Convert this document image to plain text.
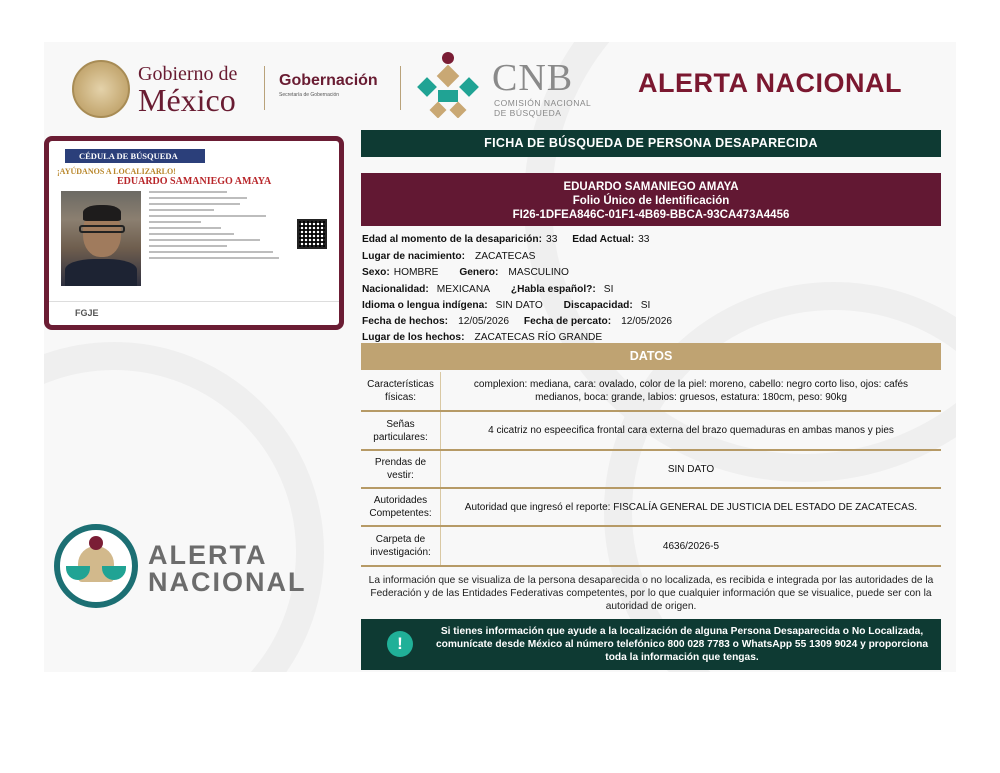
Gobierno de
México
Gobernación
Secretaría de Gobernación	CNB
COMISIÓN NACIONAL
DE BÚSQUEDA
ALERTA NACIONAL
CÉDULA DE BÚSQUEDA
¡AYÚDANOS A LOCALIZARLO!
EDUARDO SAMANIEGO AMAYA
FGJE
FICHA DE BÚSQUEDA DE PERSONA DESAPARECIDA
EDUARDO SAMANIEGO AMAYA
Folio Único de Identificación
FI26-1DFEA846C-01F1-4B69-BBCA-93CA473A4456
Edad al momento de la desaparición: 33 Edad Actual: 33
Lugar de nacimiento: ZACATECAS
Sexo: HOMBRE Genero: MASCULINO
Nacionalidad: MEXICANA ¿Habla español?: SI
Idioma o lengua indígena: SIN DATO Discapacidad: SI
Fecha de hechos: 12/05/2026 Fecha de percato: 12/05/2026
Lugar de los hechos: ZACATECAS RÍO GRANDE
DATOS
Características físicas:
complexion: mediana, cara: ovalado, color de la piel: moreno, cabello: negro corto liso, ojos: cafés medianos, boca: grande, labios: gruesos, estatura: 180cm, peso: 90kg
Señas particulares:
4 cicatriz no espeecifica frontal cara externa del brazo quemaduras en ambas manos y pies
Prendas de vestir:
SIN DATO
Autoridades Competentes:
Autoridad que ingresó el reporte: FISCALÍA GENERAL DE JUSTICIA DEL ESTADO DE ZACATECAS.
Carpeta de investigación:
4636/2026-5
La información que se visualiza de la persona desaparecida o no localizada, es recibida e integrada por las autoridades de la Federación y de las Entidades Federativas competentes, por lo que cualquier información que se visualice, puede ser con la autoridad de origen.
!
Si tienes información que ayude a la localización de alguna Persona Desaparecida o No Localizada, comunícate desde México al número telefónico 800 028 7783 o WhatsApp 55 1309 9024 y proporciona toda la información que tengas.
ALERTA
NACIONAL
